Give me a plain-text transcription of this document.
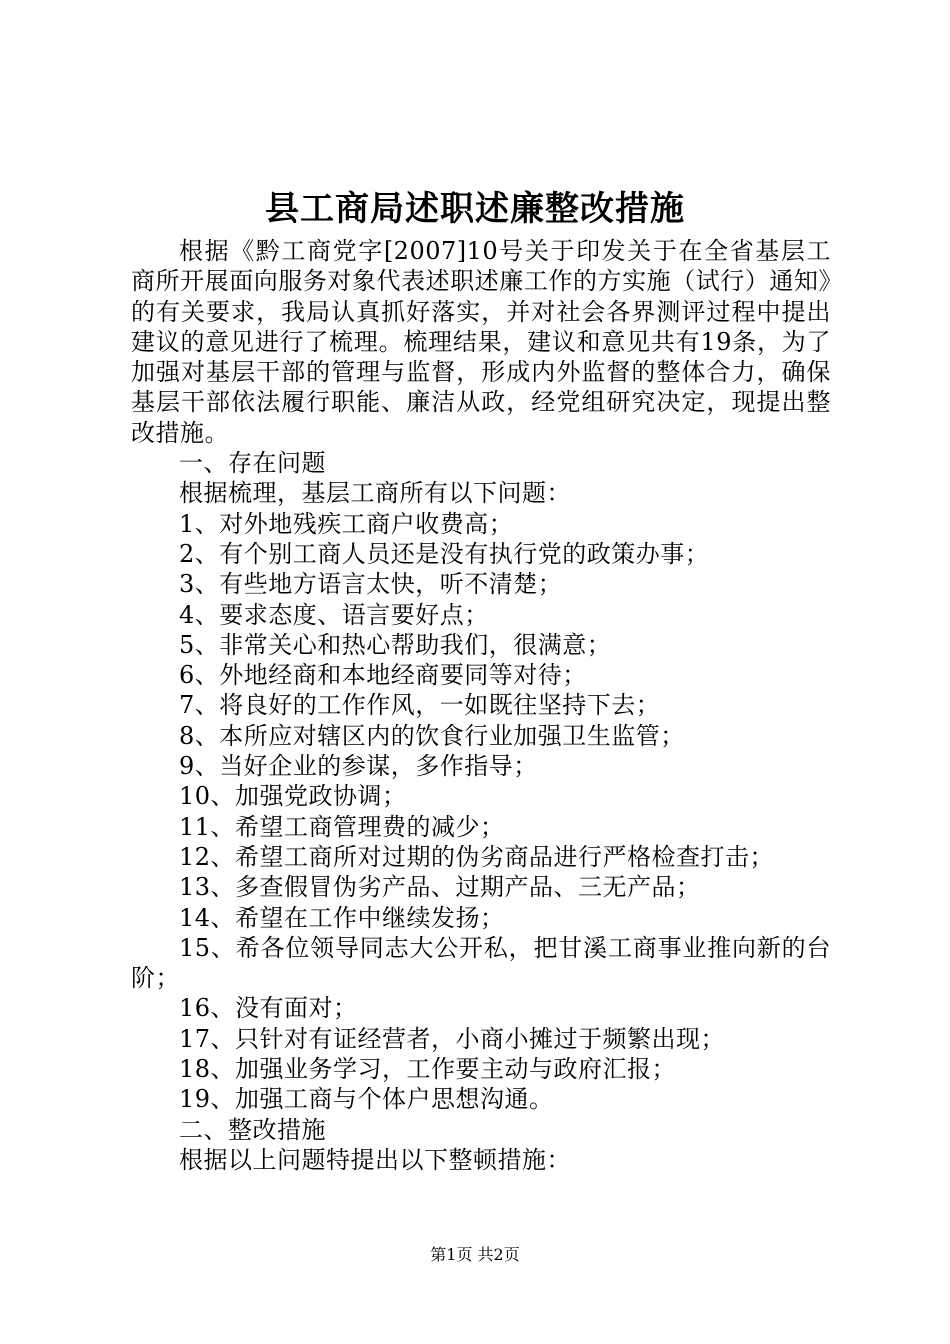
县工商局述职述廉整改措施

根据《黔工商党字[2007]10号关于印发关于在全省基层工商所开展面向服务对象代表述职述廉工作的方实施（试行）通知》的有关要求，我局认真抓好落实，并对社会各界测评过程中提出建议的意见进行了梳理。梳理结果，建议和意见共有19条，为了加强对基层干部的管理与监督，形成内外监督的整体合力，确保基层干部依法履行职能、廉洁从政，经党组研究决定，现提出整改措施。

一、存在问题

根据梳理，基层工商所有以下问题：

1、对外地残疾工商户收费高；

2、有个别工商人员还是没有执行党的政策办事；

3、有些地方语言太快，听不清楚；

4、要求态度、语言要好点；

5、非常关心和热心帮助我们，很满意；

6、外地经商和本地经商要同等对待；

7、将良好的工作作风，一如既往坚持下去；

8、本所应对辖区内的饮食行业加强卫生监管；

9、当好企业的参谋，多作指导；

10、加强党政协调；

11、希望工商管理费的减少；

12、希望工商所对过期的伪劣商品进行严格检查打击；

13、多查假冒伪劣产品、过期产品、三无产品；

14、希望在工作中继续发扬；

15、希各位领导同志大公开私，把甘溪工商事业推向新的台阶；

16、没有面对；

17、只针对有证经营者，小商小摊过于频繁出现；

18、加强业务学习，工作要主动与政府汇报；

19、加强工商与个体户思想沟通。

二、整改措施

根据以上问题特提出以下整顿措施：

第1页 共2页
